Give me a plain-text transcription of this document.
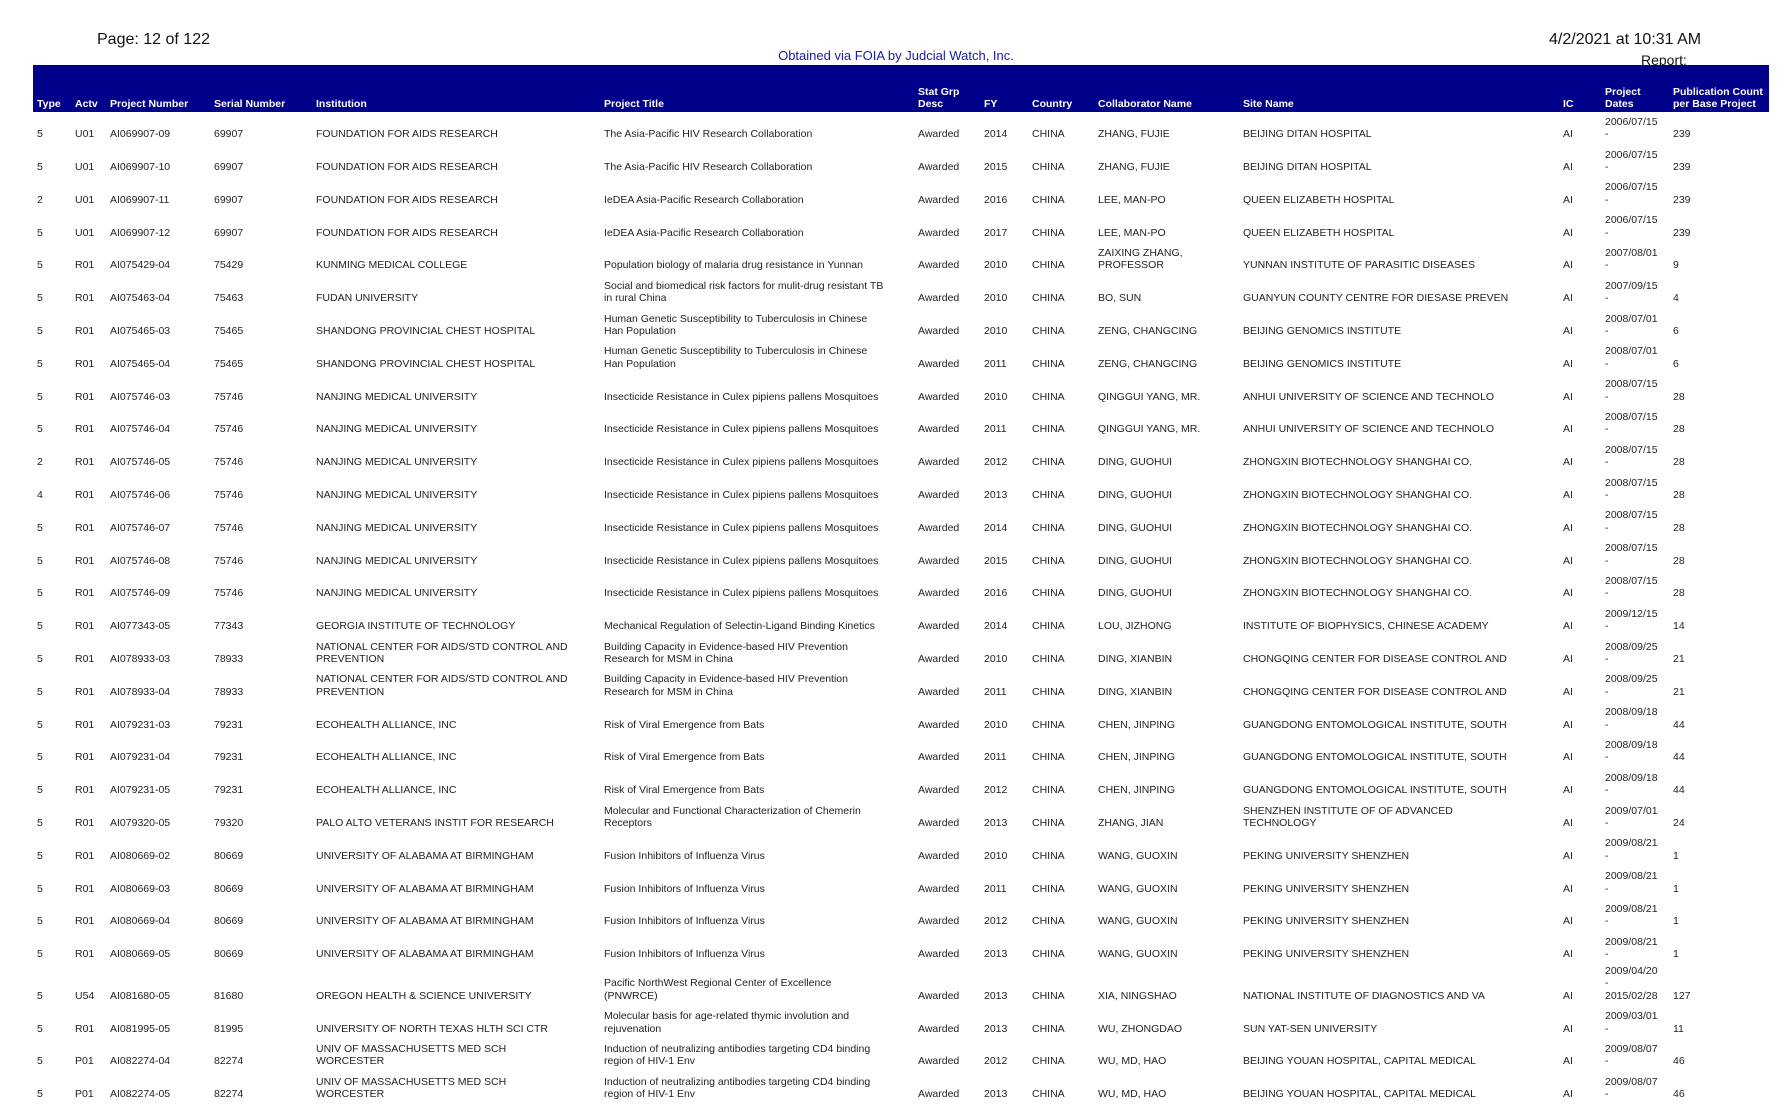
Page: 12 of 122
Obtained via FOIA by Judcial Watch, Inc.
4/2/2021 at 10:31 AM
Report:
Type	Actv	Project Number	Serial Number	Institution	Project Title	Stat Grp Desc	FY	Country	Collaborator Name	Site Name	IC	Project Dates	Publication Count per Base Project
5	U01	AI069907-09	69907	FOUNDATION FOR AIDS RESEARCH	The Asia-Pacific HIV Research Collaboration	Awarded	2014	CHINA	ZHANG, FUJIE	BEIJING DITAN HOSPITAL	AI	2006/07/15
-	239
5	U01	AI069907-10	69907	FOUNDATION FOR AIDS RESEARCH	The Asia-Pacific HIV Research Collaboration	Awarded	2015	CHINA	ZHANG, FUJIE	BEIJING DITAN HOSPITAL	AI	2006/07/15
-	239
2	U01	AI069907-11	69907	FOUNDATION FOR AIDS RESEARCH	IeDEA Asia-Pacific Research Collaboration	Awarded	2016	CHINA	LEE, MAN-PO	QUEEN ELIZABETH HOSPITAL	AI	2006/07/15
-	239
5	U01	AI069907-12	69907	FOUNDATION FOR AIDS RESEARCH	IeDEA Asia-Pacific Research Collaboration	Awarded	2017	CHINA	LEE, MAN-PO	QUEEN ELIZABETH HOSPITAL	AI	2006/07/15
-	239
5	R01	AI075429-04	75429	KUNMING MEDICAL COLLEGE	Population biology of malaria drug resistance in Yunnan	Awarded	2010	CHINA	ZAIXING ZHANG,
PROFESSOR	YUNNAN INSTITUTE OF PARASITIC DISEASES	AI	2007/08/01
-	9
5	R01	AI075463-04	75463	FUDAN UNIVERSITY	Social and biomedical risk factors for mulit-drug resistant TB
in rural China	Awarded	2010	CHINA	BO, SUN	GUANYUN COUNTY CENTRE FOR DIESASE PREVEN	AI	2007/09/15
-	4
5	R01	AI075465-03	75465	SHANDONG PROVINCIAL CHEST HOSPITAL	Human Genetic Susceptibility to Tuberculosis in Chinese
Han Population	Awarded	2010	CHINA	ZENG, CHANGCING	BEIJING GENOMICS INSTITUTE	AI	2008/07/01
-	6
5	R01	AI075465-04	75465	SHANDONG PROVINCIAL CHEST HOSPITAL	Human Genetic Susceptibility to Tuberculosis in Chinese
Han Population	Awarded	2011	CHINA	ZENG, CHANGCING	BEIJING GENOMICS INSTITUTE	AI	2008/07/01
-	6
5	R01	AI075746-03	75746	NANJING MEDICAL UNIVERSITY	Insecticide Resistance in Culex pipiens pallens Mosquitoes	Awarded	2010	CHINA	QINGGUI YANG, MR.	ANHUI UNIVERSITY OF SCIENCE AND TECHNOLO	AI	2008/07/15
-	28
5	R01	AI075746-04	75746	NANJING MEDICAL UNIVERSITY	Insecticide Resistance in Culex pipiens pallens Mosquitoes	Awarded	2011	CHINA	QINGGUI YANG, MR.	ANHUI UNIVERSITY OF SCIENCE AND TECHNOLO	AI	2008/07/15
-	28
2	R01	AI075746-05	75746	NANJING MEDICAL UNIVERSITY	Insecticide Resistance in Culex pipiens pallens Mosquitoes	Awarded	2012	CHINA	DING, GUOHUI	ZHONGXIN BIOTECHNOLOGY SHANGHAI CO.	AI	2008/07/15
-	28
4	R01	AI075746-06	75746	NANJING MEDICAL UNIVERSITY	Insecticide Resistance in Culex pipiens pallens Mosquitoes	Awarded	2013	CHINA	DING, GUOHUI	ZHONGXIN BIOTECHNOLOGY SHANGHAI CO.	AI	2008/07/15
-	28
5	R01	AI075746-07	75746	NANJING MEDICAL UNIVERSITY	Insecticide Resistance in Culex pipiens pallens Mosquitoes	Awarded	2014	CHINA	DING, GUOHUI	ZHONGXIN BIOTECHNOLOGY SHANGHAI CO.	AI	2008/07/15
-	28
5	R01	AI075746-08	75746	NANJING MEDICAL UNIVERSITY	Insecticide Resistance in Culex pipiens pallens Mosquitoes	Awarded	2015	CHINA	DING, GUOHUI	ZHONGXIN BIOTECHNOLOGY SHANGHAI CO.	AI	2008/07/15
-	28
5	R01	AI075746-09	75746	NANJING MEDICAL UNIVERSITY	Insecticide Resistance in Culex pipiens pallens Mosquitoes	Awarded	2016	CHINA	DING, GUOHUI	ZHONGXIN BIOTECHNOLOGY SHANGHAI CO.	AI	2008/07/15
-	28
5	R01	AI077343-05	77343	GEORGIA INSTITUTE OF TECHNOLOGY	Mechanical Regulation of Selectin-Ligand Binding Kinetics	Awarded	2014	CHINA	LOU, JIZHONG	INSTITUTE OF BIOPHYSICS, CHINESE ACADEMY	AI	2009/12/15
-	14
5	R01	AI078933-03	78933	NATIONAL CENTER FOR AIDS/STD CONTROL AND
PREVENTION	Building Capacity in Evidence-based HIV Prevention
Research for MSM in China	Awarded	2010	CHINA	DING, XIANBIN	CHONGQING CENTER FOR DISEASE CONTROL AND	AI	2008/09/25
-	21
5	R01	AI078933-04	78933	NATIONAL CENTER FOR AIDS/STD CONTROL AND
PREVENTION	Building Capacity in Evidence-based HIV Prevention
Research for MSM in China	Awarded	2011	CHINA	DING, XIANBIN	CHONGQING CENTER FOR DISEASE CONTROL AND	AI	2008/09/25
-	21
5	R01	AI079231-03	79231	ECOHEALTH ALLIANCE, INC	Risk of Viral Emergence from Bats	Awarded	2010	CHINA	CHEN, JINPING	GUANGDONG ENTOMOLOGICAL INSTITUTE, SOUTH	AI	2008/09/18
-	44
5	R01	AI079231-04	79231	ECOHEALTH ALLIANCE, INC	Risk of Viral Emergence from Bats	Awarded	2011	CHINA	CHEN, JINPING	GUANGDONG ENTOMOLOGICAL INSTITUTE, SOUTH	AI	2008/09/18
-	44
5	R01	AI079231-05	79231	ECOHEALTH ALLIANCE, INC	Risk of Viral Emergence from Bats	Awarded	2012	CHINA	CHEN, JINPING	GUANGDONG ENTOMOLOGICAL INSTITUTE, SOUTH	AI	2008/09/18
-	44
5	R01	AI079320-05	79320	PALO ALTO VETERANS INSTIT FOR RESEARCH	Molecular and Functional Characterization of Chemerin
Receptors	Awarded	2013	CHINA	ZHANG, JIAN	SHENZHEN INSTITUTE OF OF ADVANCED
TECHNOLOGY	AI	2009/07/01
-	24
5	R01	AI080669-02	80669	UNIVERSITY OF ALABAMA AT BIRMINGHAM	Fusion Inhibitors of Influenza Virus	Awarded	2010	CHINA	WANG, GUOXIN	PEKING UNIVERSITY SHENZHEN	AI	2009/08/21
-	1
5	R01	AI080669-03	80669	UNIVERSITY OF ALABAMA AT BIRMINGHAM	Fusion Inhibitors of Influenza Virus	Awarded	2011	CHINA	WANG, GUOXIN	PEKING UNIVERSITY SHENZHEN	AI	2009/08/21
-	1
5	R01	AI080669-04	80669	UNIVERSITY OF ALABAMA AT BIRMINGHAM	Fusion Inhibitors of Influenza Virus	Awarded	2012	CHINA	WANG, GUOXIN	PEKING UNIVERSITY SHENZHEN	AI	2009/08/21
-	1
5	R01	AI080669-05	80669	UNIVERSITY OF ALABAMA AT BIRMINGHAM	Fusion Inhibitors of Influenza Virus	Awarded	2013	CHINA	WANG, GUOXIN	PEKING UNIVERSITY SHENZHEN	AI	2009/08/21
-	1
5	U54	AI081680-05	81680	OREGON HEALTH & SCIENCE UNIVERSITY	Pacific NorthWest Regional Center of Excellence
(PNWRCE)	Awarded	2013	CHINA	XIA, NINGSHAO	NATIONAL INSTITUTE OF DIAGNOSTICS AND VA	AI	2009/04/20
-
2015/02/28	127
5	R01	AI081995-05	81995	UNIVERSITY OF NORTH TEXAS HLTH SCI CTR	Molecular basis for age-related thymic involution and
rejuvenation	Awarded	2013	CHINA	WU, ZHONGDAO	SUN YAT-SEN UNIVERSITY	AI	2009/03/01
-	11
5	P01	AI082274-04	82274	UNIV OF MASSACHUSETTS MED SCH
WORCESTER	Induction of neutralizing antibodies targeting CD4 binding
region of HIV-1 Env	Awarded	2012	CHINA	WU, MD, HAO	BEIJING YOUAN HOSPITAL, CAPITAL MEDICAL	AI	2009/08/07
-	46
5	P01	AI082274-05	82274	UNIV OF MASSACHUSETTS MED SCH
WORCESTER	Induction of neutralizing antibodies targeting CD4 binding
region of HIV-1 Env	Awarded	2013	CHINA	WU, MD, HAO	BEIJING YOUAN HOSPITAL, CAPITAL MEDICAL	AI	2009/08/07
-	46
